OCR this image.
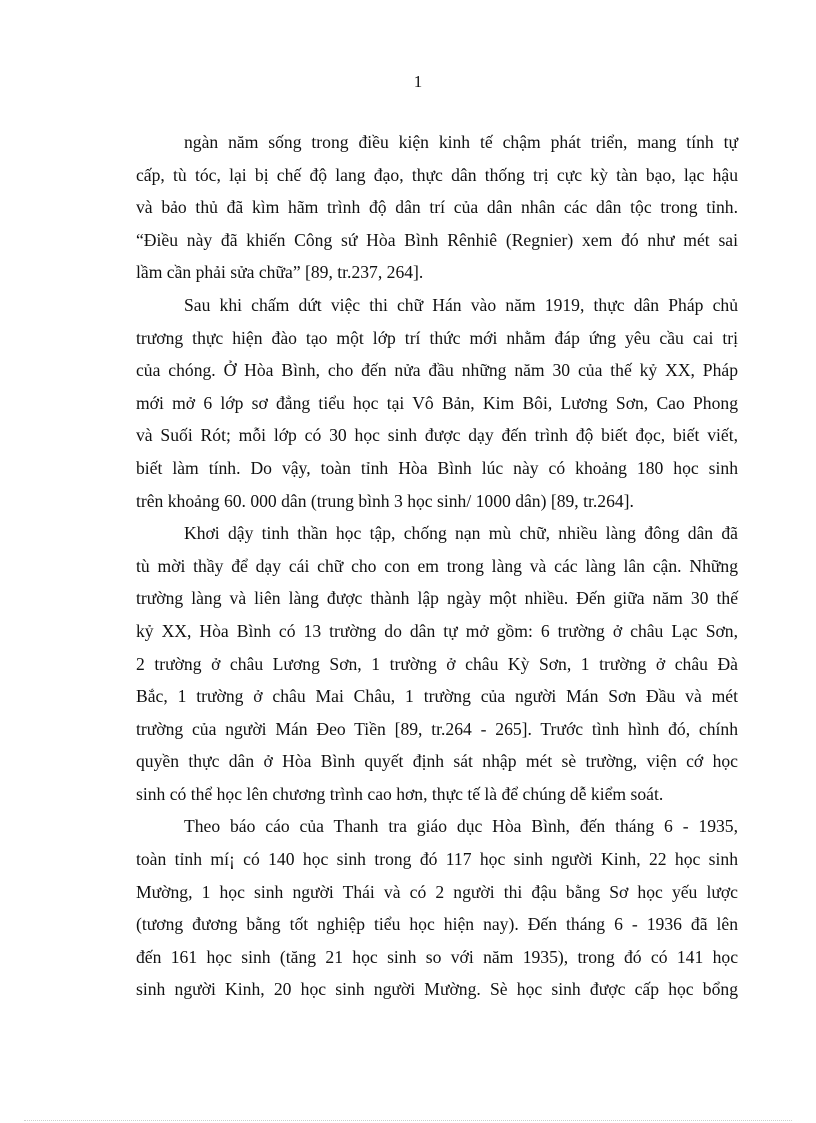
1

ngàn năm sống trong điều kiện kinh tế chậm phát triển, mang tính tự
cấp, tù tóc, lại bị chế độ lang đạo, thực dân thống trị cực kỳ tàn bạo, lạc hậu
và bảo thủ đã kìm hãm trình độ dân trí của dân nhân các dân tộc trong tỉnh.
“Điều này đã khiến Công sứ Hòa Bình Rênhiê (Regnier) xem đó như mét sai
lầm cần phải sửa chữa” [89, tr.237, 264].

Sau khi chấm dứt việc thi chữ Hán vào năm 1919, thực dân Pháp chủ
trương thực hiện đào tạo một lớp trí thức mới nhằm đáp ứng yêu cầu cai trị
của chóng. Ở Hòa Bình, cho đến nửa đầu những năm 30 của thế kỷ XX, Pháp
mới mở 6 lớp sơ đẳng tiểu học tại Vô Bản, Kim Bôi, Lương Sơn, Cao Phong
và Suối Rót; mỗi lớp có 30 học sinh được dạy đến trình độ biết đọc, biết viết,
biết làm tính. Do vậy, toàn tỉnh Hòa Bình lúc này có khoảng 180 học sinh
trên khoảng 60. 000 dân (trung bình 3 học sinh/ 1000 dân) [89, tr.264].

Khơi dậy tinh thần học tập, chống nạn mù chữ, nhiều làng đông dân đã
tù mời thầy để dạy cái chữ cho con em trong làng và các làng lân cận. Những
trường làng và liên làng được thành lập ngày một nhiều. Đến giữa năm 30 thế
kỷ XX, Hòa Bình có 13 trường do dân tự mở gồm: 6 trường ở châu Lạc Sơn,
2 trường ở châu Lương Sơn, 1 trường ở châu Kỳ Sơn, 1 trường ở châu Đà
Bắc, 1 trường ở châu Mai Châu, 1 trường của người Mán Sơn Đầu và mét
trường của người Mán Đeo Tiền [89, tr.264 - 265]. Trước tình hình đó, chính
quyền thực dân ở Hòa Bình quyết định sát nhập mét sè trường, viện cớ học
sinh có thể học lên chương trình cao hơn, thực tế là để chúng dễ kiểm soát.

Theo báo cáo của Thanh tra giáo dục Hòa Bình, đến tháng 6 - 1935,
toàn tỉnh mí¡ có 140 học sinh trong đó 117 học sinh người Kinh, 22 học sinh
Mường, 1 học sinh người Thái và có 2 người thi đậu bằng Sơ học yếu lược
(tương đương bằng tốt nghiệp tiểu học hiện nay). Đến tháng 6 - 1936 đã lên
đến 161 học sinh (tăng 21 học sinh so với năm 1935), trong đó có 141 học
sinh người Kinh, 20 học sinh người Mường. Sè học sinh được cấp học bổng
